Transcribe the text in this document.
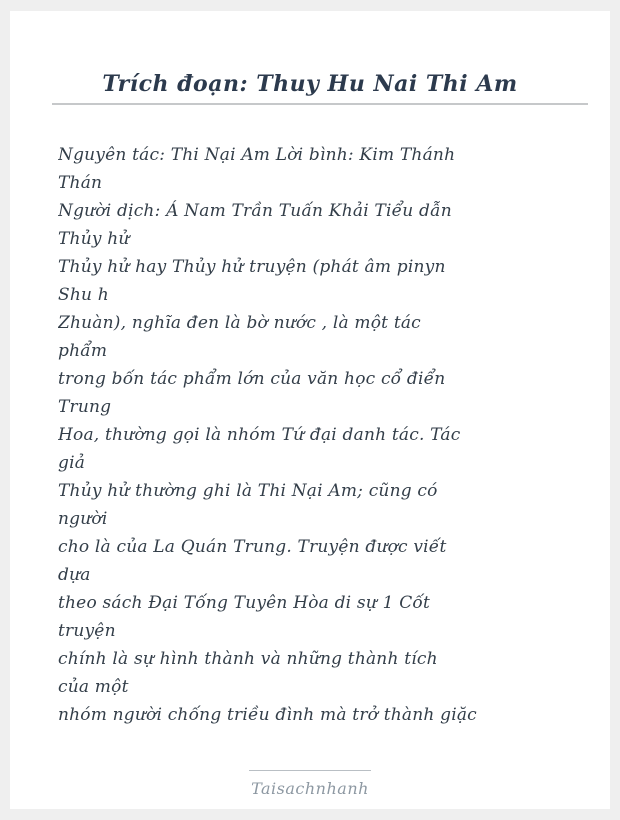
Trích đoạn: Thuy Hu Nai Thi Am
Nguyên tác: Thi Nại Am Lời bình: Kim Thánh
Thán
Người dịch: Á Nam Trần Tuấn Khải Tiểu dẫn
Thủy hử
Thủy hử hay Thủy hử truyện (phát âm pinyn
Shu h
Zhuàn), nghĩa đen là bờ nước , là một tác
phẩm
trong bốn tác phẩm lớn của văn học cổ điển
Trung
Hoa, thường gọi là nhóm Tứ đại danh tác. Tác
giả
Thủy hử thường ghi là Thi Nại Am; cũng có
người
cho là của La Quán Trung. Truyện được viết
dựa
theo sách Đại Tống Tuyên Hòa di sự 1 Cốt
truyện
chính là sự hình thành và những thành tích
của một
nhóm người chống triều đình mà trở thành giặc
Taisachnhanh
